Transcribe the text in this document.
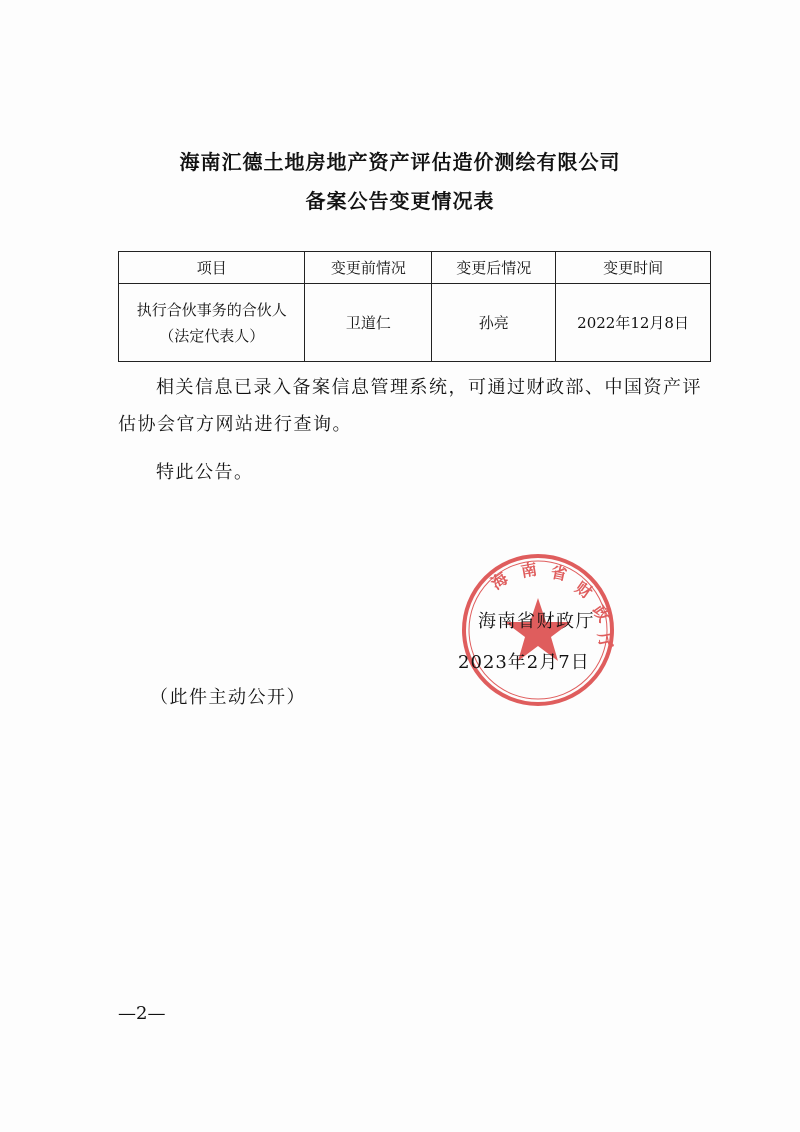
海南汇德土地房地产资产评估造价测绘有限公司
备案公告变更情况表
项目	变更前情况	变更后情况	变更时间

执行合伙事务的合伙人
（法定代表人）	卫道仁	孙亮	2022年12月8日
相关信息已录入备案信息管理系统，可通过财政部、中国资产评估协会官方网站进行查询。
特此公告。
海 南 省
财
政
厅
海南省财政厅
2023年2月7日
（此件主动公开）
—2—
